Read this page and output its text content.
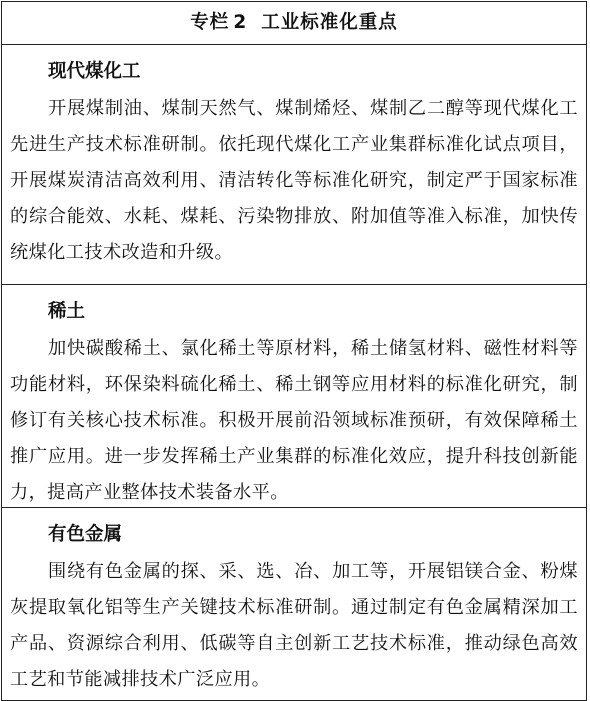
专栏 2 工业标准化重点
现代煤化工

开展煤制油、煤制天然气、煤制烯烃、煤制乙二醇等现代煤化工先进生产技术标准研制。依托现代煤化工产业集群标准化试点项目，开展煤炭清洁高效利用、清洁转化等标准化研究，制定严于国家标准的综合能效、水耗、煤耗、污染物排放、附加值等准入标准，加快传统煤化工技术改造和升级。

稀土

加快碳酸稀土、氯化稀土等原材料，稀土储氢材料、磁性材料等功能材料，环保染料硫化稀土、稀土钢等应用材料的标准化研究，制修订有关核心技术标准。积极开展前沿领域标准预研，有效保障稀土推广应用。进一步发挥稀土产业集群的标准化效应，提升科技创新能力，提高产业整体技术装备水平。

有色金属

围绕有色金属的探、采、选、冶、加工等，开展铝镁合金、粉煤灰提取氧化铝等生产关键技术标准研制。通过制定有色金属精深加工产品、资源综合利用、低碳等自主创新工艺技术标准，推动绿色高效工艺和节能减排技术广泛应用。
